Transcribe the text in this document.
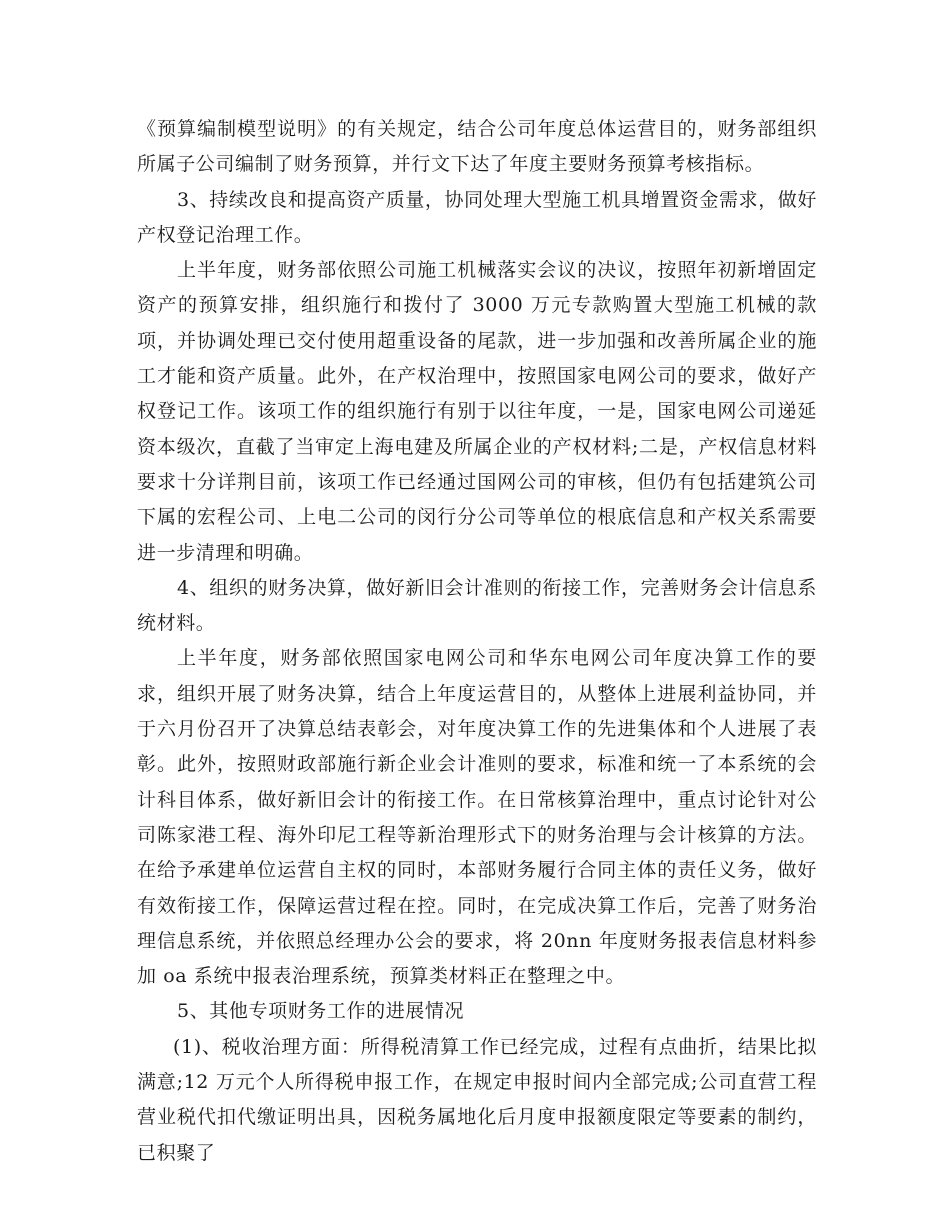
《预算编制模型说明》的有关规定，结合公司年度总体运营目的，财务部组织所属子公司编制了财务预算，并行文下达了年度主要财务预算考核指标。

3、持续改良和提高资产质量，协同处理大型施工机具增置资金需求，做好产权登记治理工作。

上半年度，财务部依照公司施工机械落实会议的决议，按照年初新增固定资产的预算安排，组织施行和拨付了 3000 万元专款购置大型施工机械的款项，并协调处理已交付使用超重设备的尾款，进一步加强和改善所属企业的施工才能和资产质量。此外，在产权治理中，按照国家电网公司的要求，做好产权登记工作。该项工作的组织施行有别于以往年度，一是，国家电网公司递延资本级次，直截了当审定上海电建及所属企业的产权材料;二是，产权信息材料要求十分详荆目前，该项工作已经通过国网公司的审核，但仍有包括建筑公司下属的宏程公司、上电二公司的闵行分公司等单位的根底信息和产权关系需要进一步清理和明确。

4、组织的财务决算，做好新旧会计准则的衔接工作，完善财务会计信息系统材料。

上半年度，财务部依照国家电网公司和华东电网公司年度决算工作的要求，组织开展了财务决算，结合上年度运营目的，从整体上进展利益协同，并于六月份召开了决算总结表彰会，对年度决算工作的先进集体和个人进展了表彰。此外，按照财政部施行新企业会计准则的要求，标准和统一了本系统的会计科目体系，做好新旧会计的衔接工作。在日常核算治理中，重点讨论针对公司陈家港工程、海外印尼工程等新治理形式下的财务治理与会计核算的方法。在给予承建单位运营自主权的同时，本部财务履行合同主体的责任义务，做好有效衔接工作，保障运营过程在控。同时，在完成决算工作后，完善了财务治理信息系统，并依照总经理办公会的要求，将 20nn 年度财务报表信息材料参加 oa 系统中报表治理系统，预算类材料正在整理之中。

5、其他专项财务工作的进展情况

(1)、税收治理方面：所得税清算工作已经完成，过程有点曲折，结果比拟满意;12 万元个人所得税申报工作，在规定申报时间内全部完成;公司直营工程营业税代扣代缴证明出具，因税务属地化后月度申报额度限定等要素的制约，已积聚了
